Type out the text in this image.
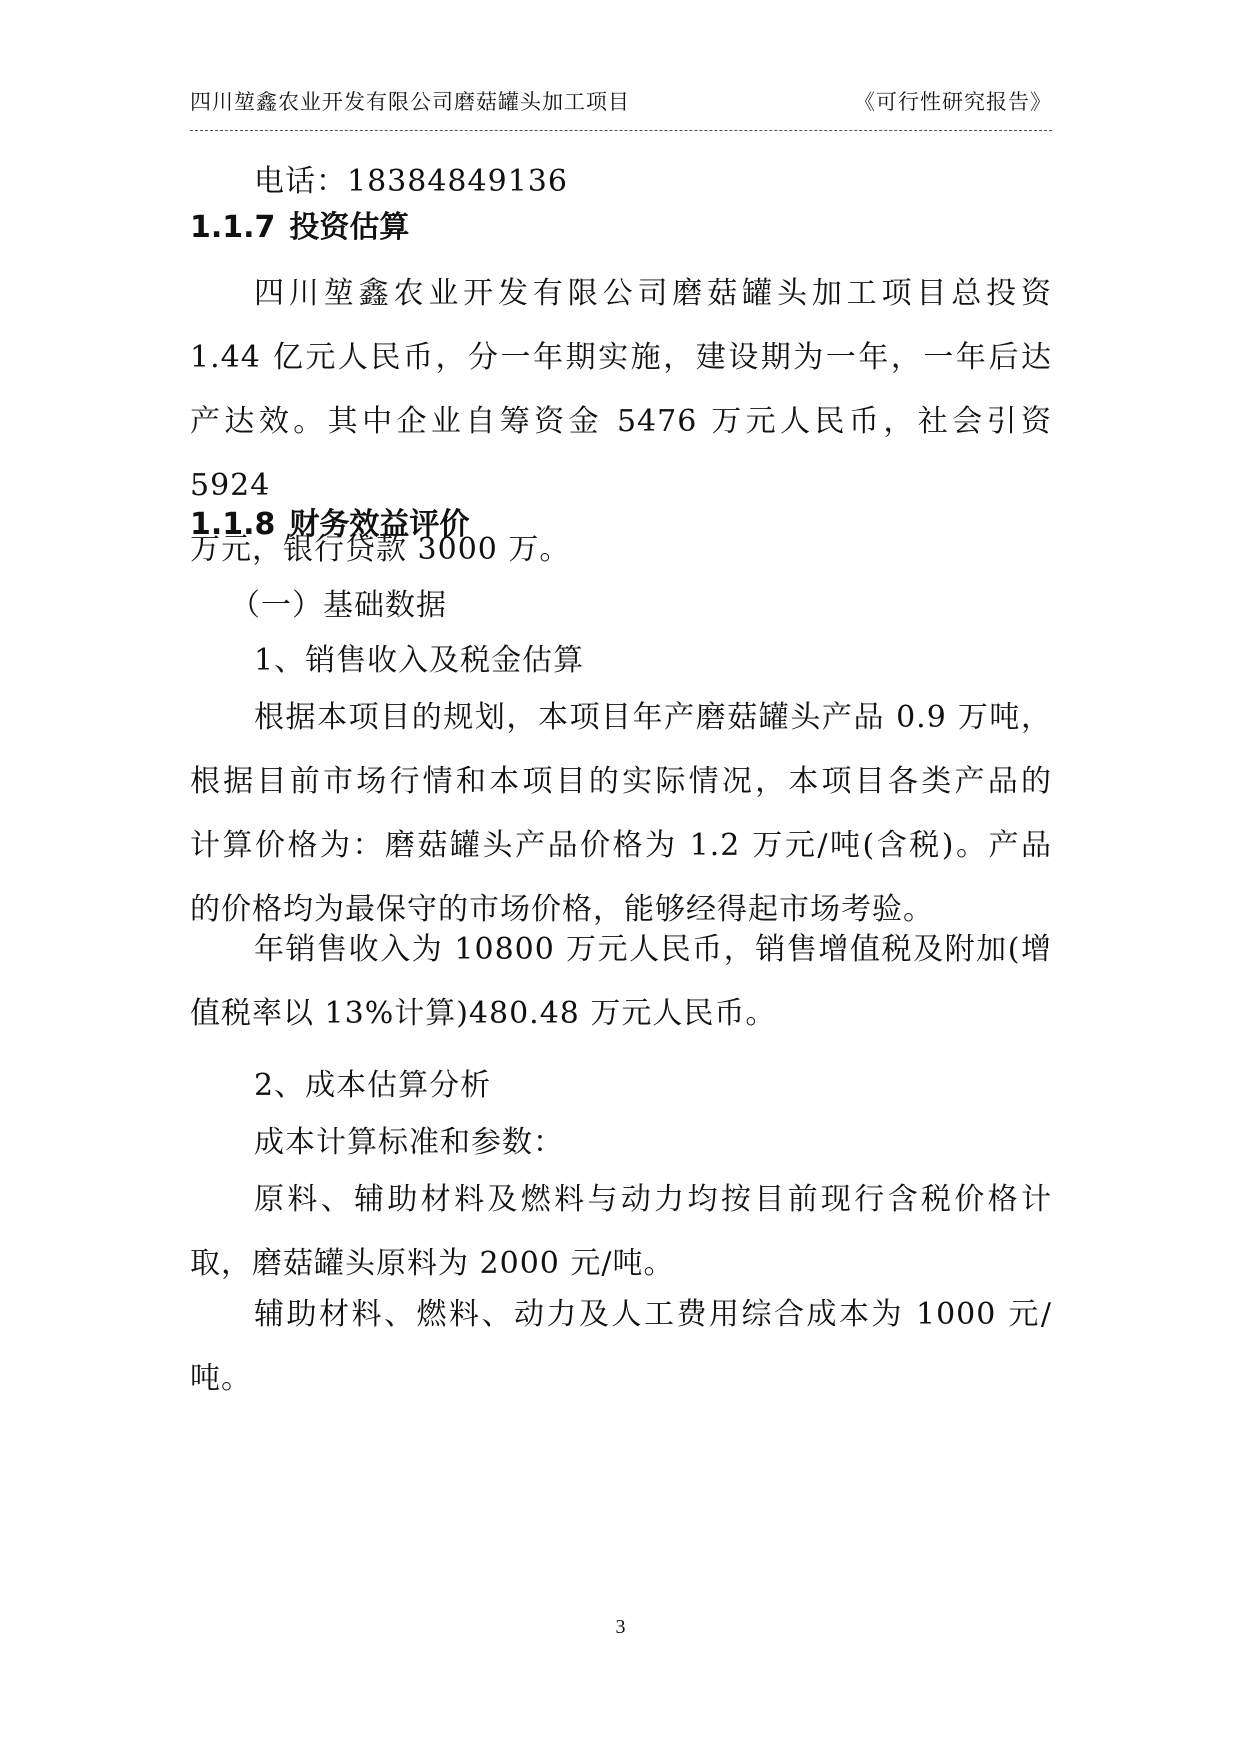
四川堃鑫农业开发有限公司磨菇罐头加工项目	《可行性研究报告》
电话：18384849136
1.1.7 投资估算
四川堃鑫农业开发有限公司磨菇罐头加工项目总投资
1.44 亿元人民币，分一年期实施，建设期为一年，一年后达
产达效。其中企业自筹资金 5476 万元人民币，社会引资 5924
万元，银行贷款 3000 万。
1.1.8 财务效益评价
（一）基础数据
1、销售收入及税金估算
根据本项目的规划，本项目年产磨菇罐头产品 0.9 万吨，
根据目前市场行情和本项目的实际情况，本项目各类产品的
计算价格为：磨菇罐头产品价格为 1.2 万元/吨(含税)。产品
的价格均为最保守的市场价格，能够经得起市场考验。
年销售收入为 10800 万元人民币，销售增值税及附加(增
值税率以 13%计算)480.48 万元人民币。
2、成本估算分析
成本计算标准和参数：
原料、辅助材料及燃料与动力均按目前现行含税价格计
取，磨菇罐头原料为 2000 元/吨。
辅助材料、燃料、动力及人工费用综合成本为 1000 元/
吨。
3
